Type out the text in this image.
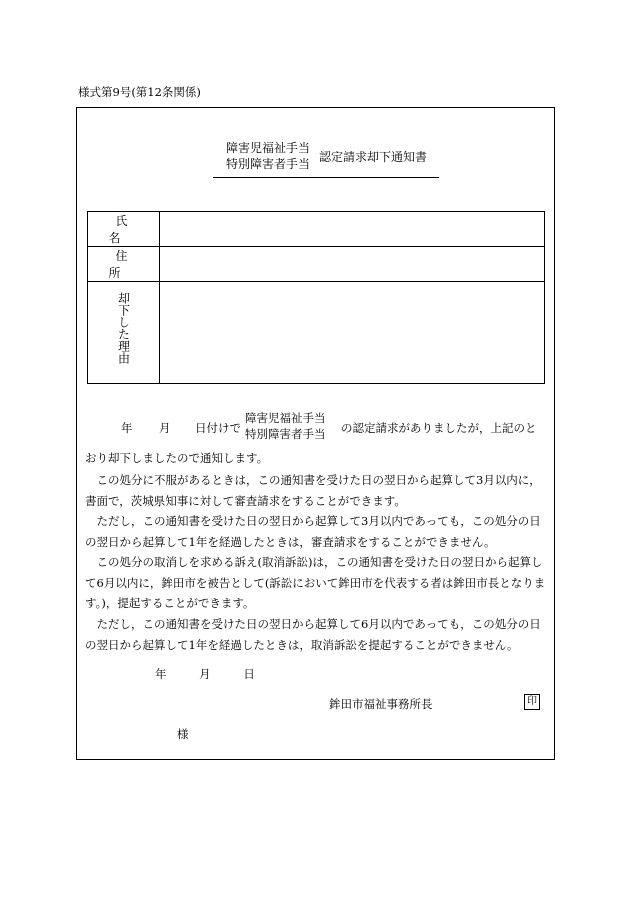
様式第9号(第12条関係)
障害児福祉手当
特別障害者手当 認定請求却下通知書
氏名	
住所	

却下した理由	

年 月 日付けで
障害児福祉手当
特別障害者手当 の認定請求がありましたが，上記のと
おり却下しましたので通知します。
この処分に不服があるときは，この通知書を受けた日の翌日から起算して3月以内に，書面で，茨城県知事に対して審査請求をすることができます。
ただし，この通知書を受けた日の翌日から起算して3月以内であっても，この処分の日の翌日から起算して1年を経過したときは，審査請求をすることができません。
この処分の取消しを求める訴え(取消訴訟)は，この通知書を受けた日の翌日から起算して6月以内に，鉾田市を被告として(訴訟において鉾田市を代表する者は鉾田市長となります。)，提起することができます。
ただし，この通知書を受けた日の翌日から起算して6月以内であっても，この処分の日の翌日から起算して1年を経過したときは，取消訴訟を提起することができません。
年	月	日
鉾田市福祉事務所長	印
様
